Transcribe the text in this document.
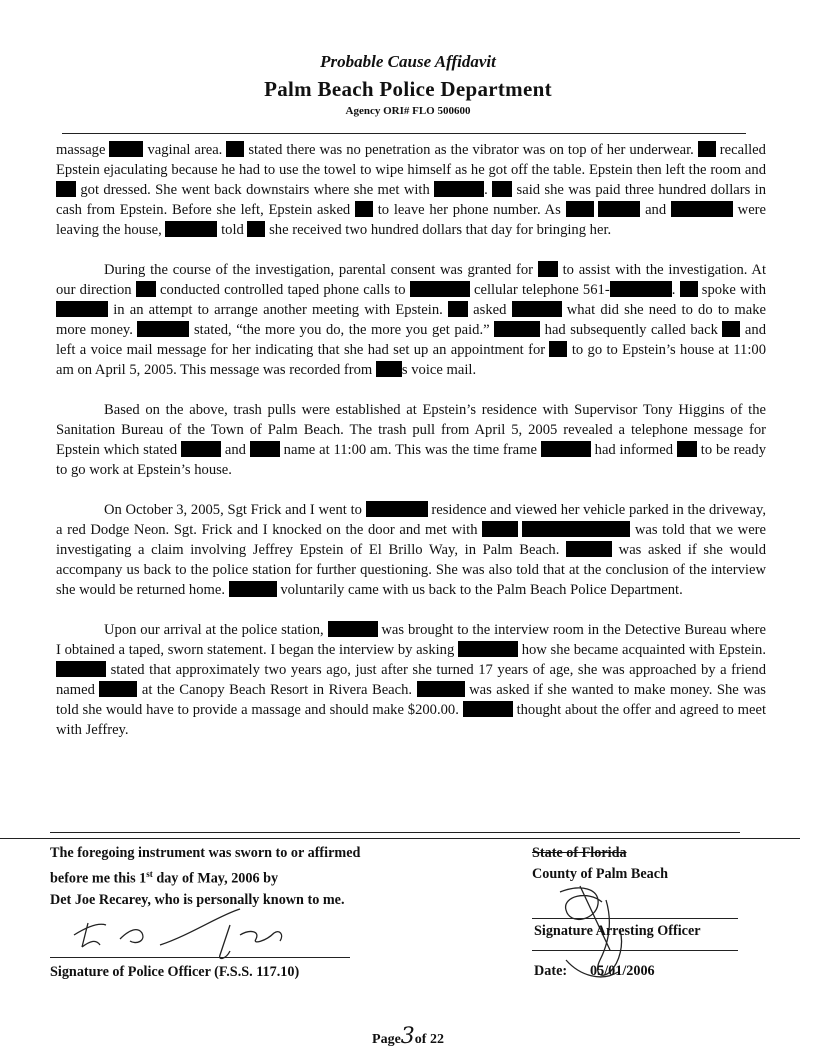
Probable Cause Affidavit
Palm Beach Police Department
Agency ORI# FLO 500600

massage	vaginal area.  stated there was no penetration as the vibrator was on top of her underwear.  recalled Epstein ejaculating because he had to use the towel to wipe himself as he got off the table. Epstein then left the room and  got dressed. She went back downstairs where she met with	.  said she was paid three hundred dollars in cash from Epstein. Before she left, Epstein asked  to leave her phone number. As	and	were leaving the house,	told  she received two hundred dollars that day for bringing her.

During the course of the investigation, parental consent was granted for  to assist with the investigation. At our direction  conducted controlled taped phone calls to	cellular telephone 561-	.  spoke with  in an attempt to arrange another meeting with Epstein.  asked	what did she need to do to make more money.	stated, “the more you do, the more you get paid.”	had subsequently called back  and left a voice mail message for her indicating that she had set up an appointment for  to go to Epstein’s house at 11:00 am on April 5, 2005. This message was recorded from s voice mail.

Based on the above, trash pulls were established at Epstein’s residence with Supervisor Tony Higgins of the Sanitation Bureau of the Town of Palm Beach. The trash pull from April 5, 2005 revealed a telephone message for Epstein which stated	and  name at 11:00 am. This was the time frame	had informed  to be ready to go work at Epstein’s house.

On October 3, 2005, Sgt Frick and I went to	residence and viewed her vehicle parked in the driveway, a red Dodge Neon. Sgt. Frick and I knocked on the door and met with	was told that we were investigating a claim involving Jeffrey Epstein of El Brillo Way, in Palm Beach.	was asked if she would accompany us back to the police station for further questioning. She was also told that at the conclusion of the interview she would be returned home.	voluntarily came with us back to the Palm Beach Police Department.

Upon our arrival at the police station,	was brought to the interview room in the Detective Bureau where I obtained a taped, sworn statement. I began the interview by asking	how she became acquainted with Epstein.  stated that approximately two years ago, just after she turned 17 years of age, she was approached by a friend named	at the Canopy Beach Resort in Rivera Beach.	was asked if she wanted to make money. She was told she would have to provide a massage and should make $200.00.	thought about the offer and agreed to meet with Jeffrey.

The foregoing instrument was sworn to or affirmed
before me this 1st day of May, 2006 by
Det Joe Recarey, who is personally known to me.
State of Florida
County of Palm Beach
Signature of Police Officer (F.S.S. 117.10)
Signature Arresting Officer
Date: 05/01/2006
Page3of 22
